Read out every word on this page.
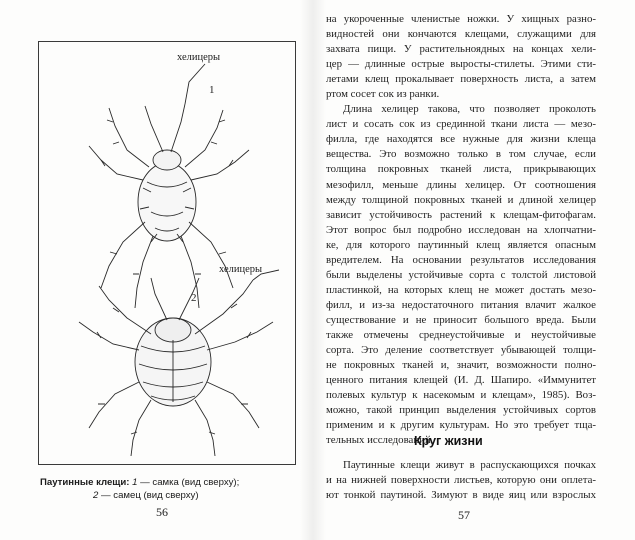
хелицеры
1
хелицеры
2
Паутинные клещи: 1 — самка (вид сверху);
2 — самец (вид сверху)
56
на укороченные членистые ножки. У хищных разно-
видностей они кончаются клещами, служащими для
захвата пищи. У растительноядных на концах хели-
цер — длинные острые выросты-стилеты. Этими сти-
летами клещ прокалывает поверхность листа, а затем
ртом сосет сок из ранки.
Длина хелицер такова, что позволяет проколоть
лист и сосать сок из срединной ткани листа — мезо-
филла, где находятся все нужные для жизни клеща
вещества. Это возможно только в том случае, если
толщина покровных тканей листа, прикрывающих
мезофилл, меньше длины хелицер. От соотношения
между толщиной покровных тканей и длиной хелицер
зависит устойчивость растений к клещам-фитофагам.
Этот вопрос был подробно исследован на хлопчатни-
ке, для которого паутинный клещ является опасным
вредителем. На основании результатов исследования
были выделены устойчивые сорта с толстой листовой
пластинкой, на которых клещ не может достать мезо-
филл, и из-за недостаточного питания влачит жалкое
существование и не приносит большого вреда. Были
также отмечены среднеустойчивые и неустойчивые
сорта. Это деление соответствует убывающей толщи-
не покровных тканей и, значит, возможности полно-
ценного питания клещей (И. Д. Шапиро. «Иммунитет
полевых культур к насекомым и клещам», 1985). Воз-
можно, такой принцип выделения устойчивых сортов
применим и к другим культурам. Но это требует тща-
тельных исследований.
Круг жизни
Паутинные клещи живут в распускающихся почках
и на нижней поверхности листьев, которую они оплета-
ют тонкой паутиной. Зимуют в виде яиц или взрослых
57
